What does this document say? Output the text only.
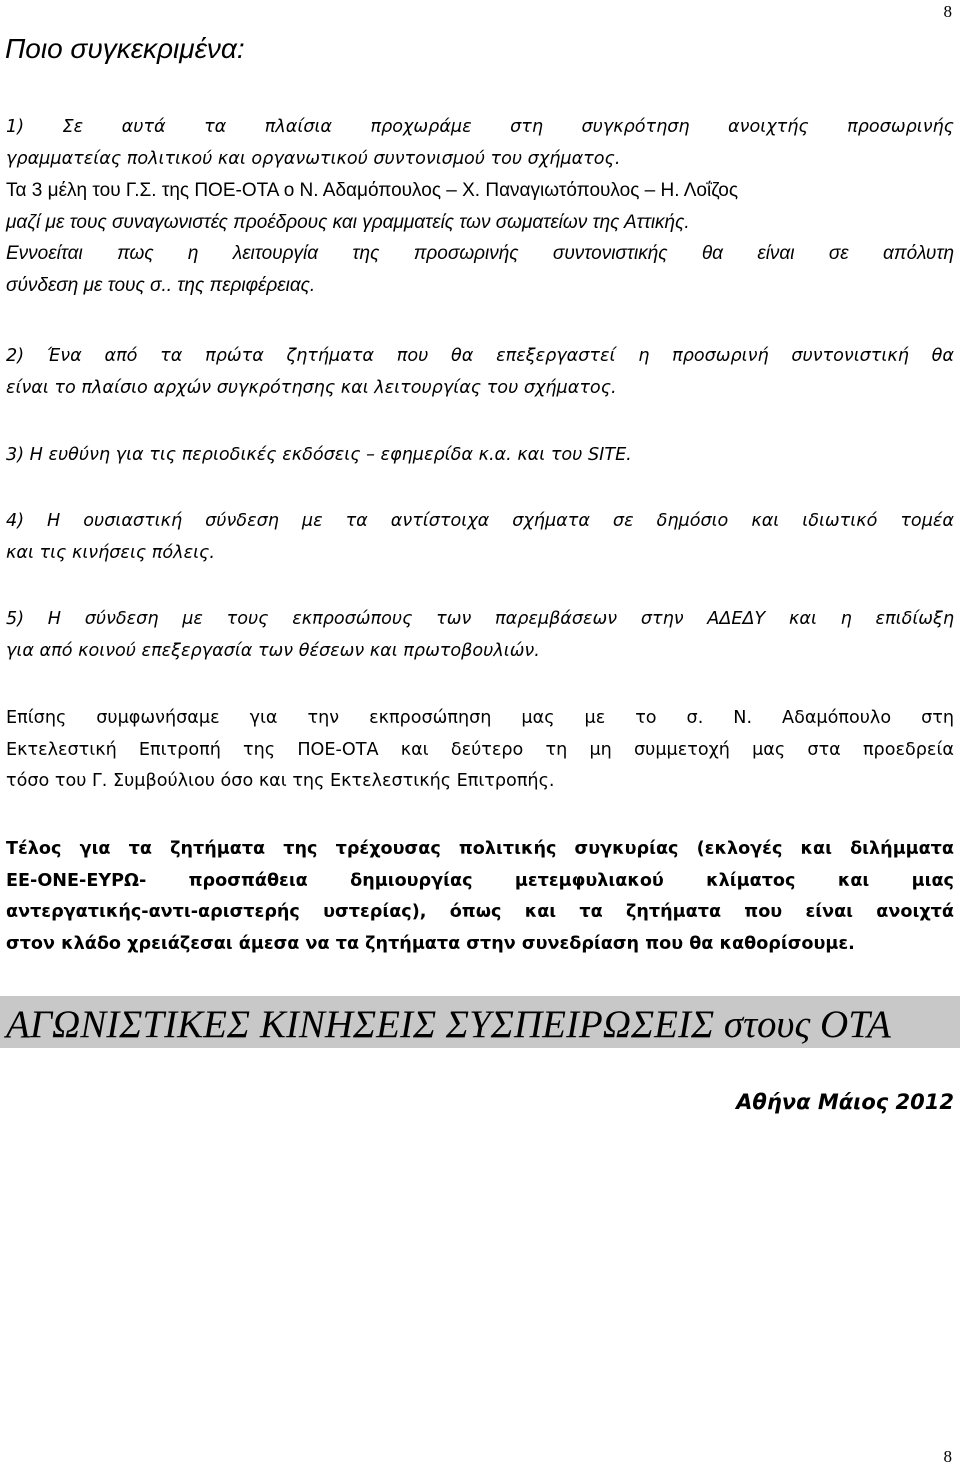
8
Ποιο συγκεκριμένα:
1) Σε αυτά τα πλαίσια προχωράμε στη συγκρότηση ανοιχτής προσωρινής
γραμματείας πολιτικού και οργανωτικού συντονισμού του σχήματος.
Τα 3 μέλη του Γ.Σ. της ΠΟΕ-ΟΤΑ ο Ν. Αδαμόπουλος – Χ. Παναγιωτόπουλος – Η. Λοΐζος
μαζί με τους συναγωνιστές προέδρους και γραμματείς των σωματείων της Αττικής.
Εννοείται πως η λειτουργία της προσωρινής συντονιστικής θα είναι σε απόλυτη
σύνδεση με τους σ.. της περιφέρειας.
2) Ένα από τα πρώτα ζητήματα που θα επεξεργαστεί η προσωρινή συντονιστική θα
είναι το πλαίσιο αρχών συγκρότησης και λειτουργίας του σχήματος.
3) Η ευθύνη για τις περιοδικές εκδόσεις – εφημερίδα κ.α. και του SITE.
4) Η ουσιαστική σύνδεση με τα αντίστοιχα σχήματα σε δημόσιο και ιδιωτικό τομέα
και τις κινήσεις πόλεις.
5) Η σύνδεση με τους εκπροσώπους των παρεμβάσεων στην ΑΔΕΔΥ και η επιδίωξη
για από κοινού επεξεργασία των θέσεων και πρωτοβουλιών.
Επίσης συμφωνήσαμε για την εκπροσώπηση μας με το σ. Ν. Αδαμόπουλο στη
Εκτελεστική Επιτροπή της ΠΟΕ-ΟΤΑ και δεύτερο τη μη συμμετοχή μας στα προεδρεία
τόσο του Γ. Συμβούλιου όσο και της Εκτελεστικής Επιτροπής.
Τέλος για τα ζητήματα της τρέχουσας πολιτικής συγκυρίας (εκλογές και διλήμματα
ΕΕ-ΟΝΕ-ΕΥΡΩ- προσπάθεια δημιουργίας μετεμφυλιακού κλίματος και μιας
αντεργατικής-αντι-αριστερής υστερίας), όπως και τα ζητήματα που είναι ανοιχτά
στον κλάδο χρειάζεσαι άμεσα να τα ζητήματα στην συνεδρίαση που θα καθορίσουμε.
ΑΓΩΝΙΣΤΙΚΕΣ ΚΙΝΗΣΕΙΣ ΣΥΣΠΕΙΡΩΣΕΙΣ στους ΟΤΑ
Αθήνα Μάιος 2012
8
